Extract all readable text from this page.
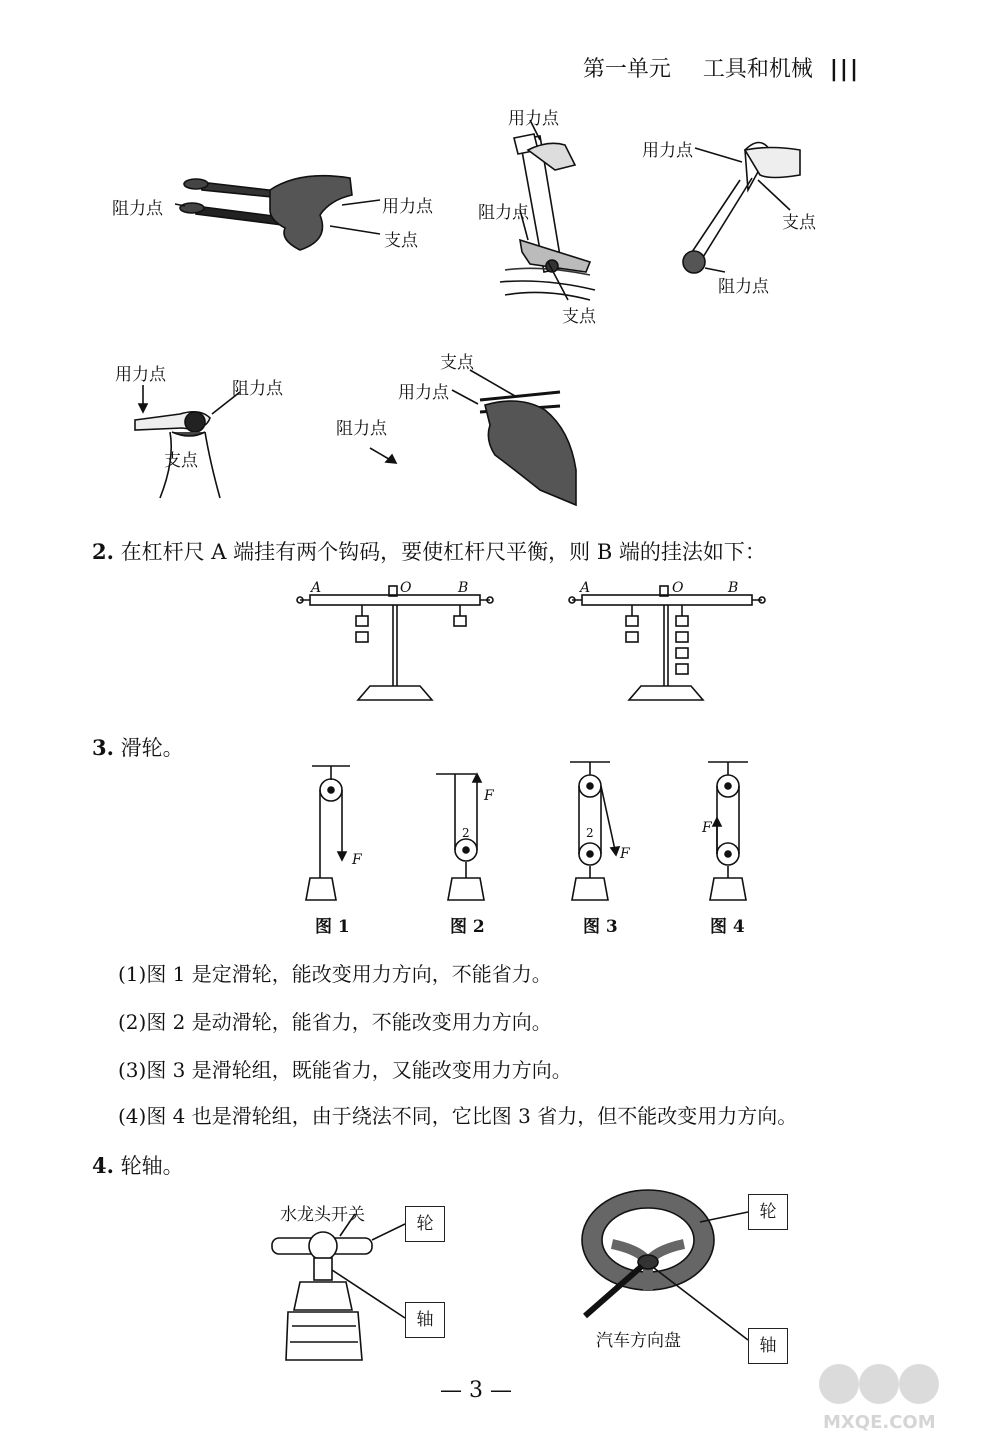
第一单元 工具和机械 |||
阻力点	用力点
支点
用力点
阻力点
支点
用力点
支点
阻力点
用力点
阻力点
支点
支点
用力点
阻力点
2. 在杠杆尺 A 端挂有两个钩码，要使杠杆尺平衡，则 B 端的挂法如下：
A	O	B	A	O	B
3. 滑轮。
F
F
2
F
2	F
图 1	图 2	图 3	图 4
(1)图 1 是定滑轮，能改变用力方向，不能省力。
(2)图 2 是动滑轮，能省力，不能改变用力方向。
(3)图 3 是滑轮组，既能省力，又能改变用力方向。
(4)图 4 也是滑轮组，由于绕法不同，它比图 3 省力，但不能改变用力方向。
4. 轮轴。
水龙头开关	轮
轴
轮
轴
汽车方向盘
— 3 —
MXQE.COM
